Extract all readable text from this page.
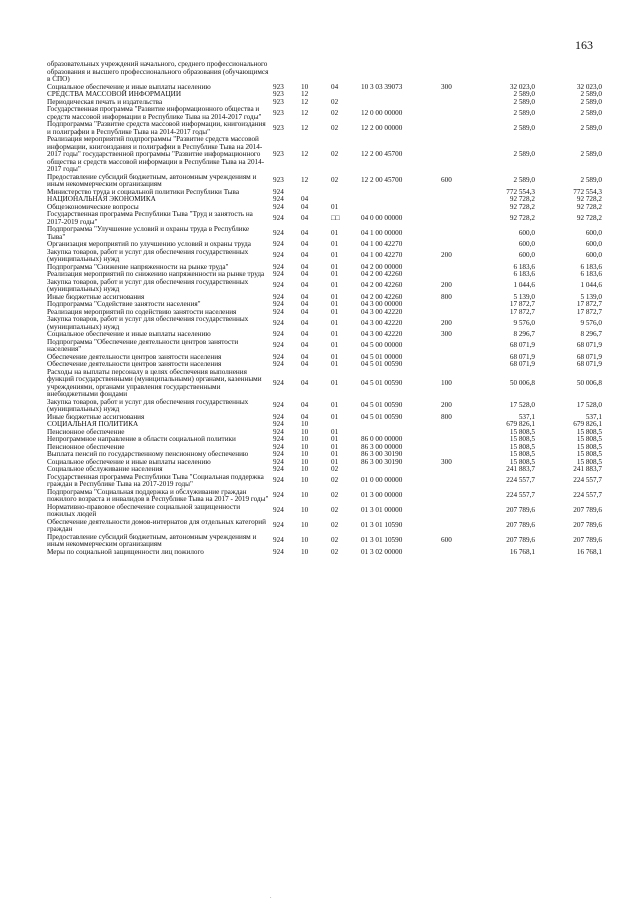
163
образовательных учреждений начального, среднего профессионального образования и высшего профессионального образования (обучающимся в СПО)							
Социальное обеспечение и иные выплаты населению	923	10	04	10 3 03 39073	300	32 023,0	32 023,0
СРЕДСТВА МАССОВОЙ ИНФОРМАЦИИ	923	12				2 589,0	2 589,0
Периодическая печать и издательства	923	12	02			2 589,0	2 589,0
Государственная программа "Развитие информационного общества и средств массовой информации в Республике Тыва на 2014-2017 годы"	923	12	02	12 0 00 00000		2 589,0	2 589,0
Подпрограмма "Развитие средств массовой информации, книгоиздания и полиграфии в Республике Тыва на 2014-2017 годы"	923	12	02	12 2 00 00000		2 589,0	2 589,0
Реализация мероприятий подпрограммы "Развитие средств массовой информации, книгоиздания и полиграфии в Республике Тыва на 2014-2017 годы" государственной программы "Развитие информационного общества и средств массовой информации в Республике Тыва на 2014-2017 годы"	923	12	02	12 2 00 45700		2 589,0	2 589,0
Предоставление субсидий бюджетным, автономным учреждениям и иным некоммерческим организациям	923	12	02	12 2 00 45700	600	2 589,0	2 589,0
Министерство труда и социальной политики Республики Тыва	924					772 554,3	772 554,3
НАЦИОНАЛЬНАЯ ЭКОНОМИКА	924	04				92 728,2	92 728,2
Общеэкономические вопросы	924	04	01			92 728,2	92 728,2
Государственная программа Республики Тыва "Труд и занятость на 2017-2019 годы"	924	04	□□	04 0 00 00000		92 728,2	92 728,2
Подпрограмма "Улучшение условий и охраны труда в Республике Тыва"	924	04	01	04 1 00 00000		600,0	600,0
Организация мероприятий по улучшению условий и охраны труда	924	04	01	04 1 00 42270		600,0	600,0
Закупка товаров, работ и услуг для обеспечения государственных (муниципальных) нужд	924	04	01	04 1 00 42270	200	600,0	600,0
Подпрограмма "Снижение напряженности на рынке труда"	924	04	01	04 2 00 00000		6 183,6	6 183,6
Реализация мероприятий по снижению напряженности на рынке труда	924	04	01	04 2 00 42260		6 183,6	6 183,6
Закупка товаров, работ и услуг для обеспечения государственных (муниципальных) нужд	924	04	01	04 2 00 42260	200	1 044,6	1 044,6
Иные бюджетные ассигнования	924	04	01	04 2 00 42260	800	5 139,0	5 139,0
Подпрограмма "Содействие занятости населения"	924	04	01	04 3 00 00000		17 872,7	17 872,7
Реализация мероприятий по содействию занятости населения	924	04	01	04 3 00 42220		17 872,7	17 872,7
Закупка товаров, работ и услуг для обеспечения государственных (муниципальных) нужд	924	04	01	04 3 00 42220	200	9 576,0	9 576,0
Социальное обеспечение и иные выплаты населению	924	04	01	04 3 00 42220	300	8 296,7	8 296,7
Подпрограмма "Обеспечение деятельности центров занятости населения"	924	04	01	04 5 00 00000		68 071,9	68 071,9
Обеспечение деятельности центров занятости населения	924	04	01	04 5 01 00000		68 071,9	68 071,9
Обеспечение деятельности центров занятости населения	924	04	01	04 5 01 00590		68 071,9	68 071,9
Расходы на выплаты персоналу в целях обеспечения выполнения функций государственными (муниципальными) органами, казенными учреждениями, органами управления государственными внебюджетными фондами	924	04	01	04 5 01 00590	100	50 006,8	50 006,8
Закупка товаров, работ и услуг для обеспечения государственных (муниципальных) нужд	924	04	01	04 5 01 00590	200	17 528,0	17 528,0
Иные бюджетные ассигнования	924	04	01	04 5 01 00590	800	537,1	537,1
СОЦИАЛЬНАЯ ПОЛИТИКА	924	10				679 826,1	679 826,1
Пенсионное обеспечение	924	10	01			15 808,5	15 808,5
Непрограммное направление в области социальной политики	924	10	01	86 0 00 00000		15 808,5	15 808,5
Пенсионное обеспечение	924	10	01	86 3 00 00000		15 808,5	15 808,5
Выплата пенсий по государственному пенсионному обеспечению	924	10	01	86 3 00 30190		15 808,5	15 808,5
Социальное обеспечение и иные выплаты населению	924	10	01	86 3 00 30190	300	15 808,5	15 808,5
Социальное обслуживание населения	924	10	02			241 883,7	241 883,7
Государственная программа Республики Тыва "Социальная поддержка граждан в Республике Тыва на 2017-2019 годы"	924	10	02	01 0 00 00000		224 557,7	224 557,7
Подпрограмма "Социальная поддержка и обслуживание граждан пожилого возраста и инвалидов в Республике Тыва на 2017 - 2019 годы"	924	10	02	01 3 00 00000		224 557,7	224 557,7
Нормативно-правовое обеспечение социальной защищенности пожилых людей	924	10	02	01 3 01 00000		207 789,6	207 789,6
Обеспечение деятельности домов-интернатов для отдельных категорий граждан	924	10	02	01 3 01 10590		207 789,6	207 789,6
Предоставление субсидий бюджетным, автономным учреждениям и иным некоммерческим организациям	924	10	02	01 3 01 10590	600	207 789,6	207 789,6
Меры по социальной защищенности лиц пожилого	924	10	02	01 3 02 00000		16 768,1	16 768,1
.
